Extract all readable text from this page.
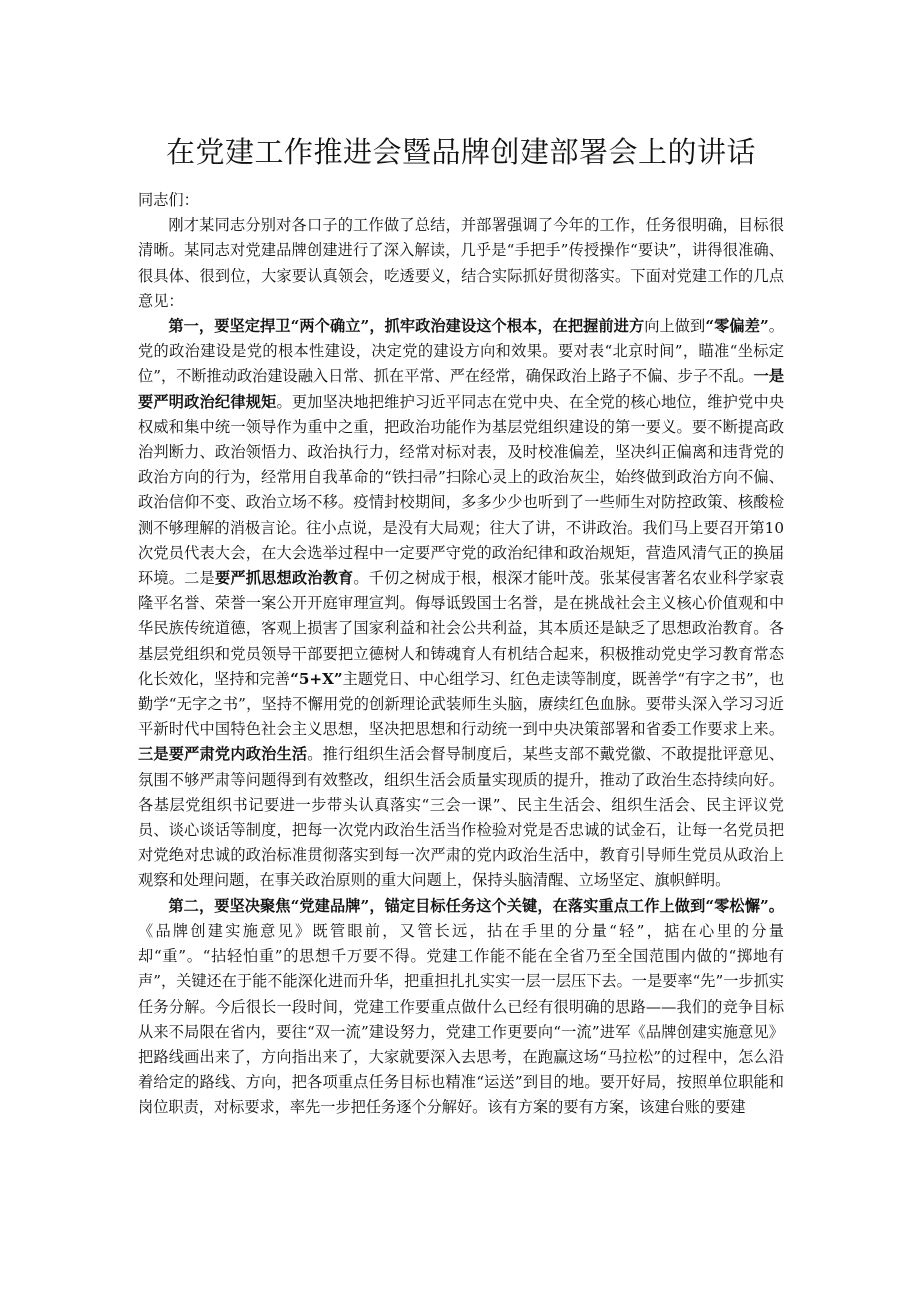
在党建工作推进会暨品牌创建部署会上的讲话

同志们：

刚才某同志分别对各口子的工作做了总结，并部署强调了今年的工作，任务很明确，目标很清晰。某同志对党建品牌创建进行了深入解读，几乎是“手把手”传授操作“要诀”，讲得很准确、很具体、很到位，大家要认真领会，吃透要义，结合实际抓好贯彻落实。下面对党建工作的几点意见：

第一，要坚定捍卫“两个确立”，抓牢政治建设这个根本，在把握前进方向上做到“零偏差”。党的政治建设是党的根本性建设，决定党的建设方向和效果。要对表“北京时间”，瞄准“坐标定位”，不断推动政治建设融入日常、抓在平常、严在经常，确保政治上路子不偏、步子不乱。一是要严明政治纪律规矩。更加坚决地把维护习近平同志在党中央、在全党的核心地位，维护党中央权威和集中统一领导作为重中之重，把政治功能作为基层党组织建设的第一要义。要不断提高政治判断力、政治领悟力、政治执行力，经常对标对表，及时校准偏差，坚决纠正偏离和违背党的政治方向的行为，经常用自我革命的“铁扫帚”扫除心灵上的政治灰尘，始终做到政治方向不偏、政治信仰不变、政治立场不移。疫情封校期间，多多少少也听到了一些师生对防控政策、核酸检测不够理解的消极言论。往小点说，是没有大局观；往大了讲，不讲政治。我们马上要召开第10次党员代表大会，在大会选举过程中一定要严守党的政治纪律和政治规矩，营造风清气正的换届环境。二是要严抓思想政治教育。千仞之树成于根，根深才能叶茂。张某侵害著名农业科学家袁隆平名誉、荣誉一案公开开庭审理宣判。侮辱诋毁国士名誉，是在挑战社会主义核心价值观和中华民族传统道德，客观上损害了国家利益和社会公共利益，其本质还是缺乏了思想政治教育。各基层党组织和党员领导干部要把立德树人和铸魂育人有机结合起来，积极推动党史学习教育常态化长效化，坚持和完善“5+X”主题党日、中心组学习、红色走读等制度，既善学“有字之书”，也勤学“无字之书”，坚持不懈用党的创新理论武装师生头脑，赓续红色血脉。要带头深入学习习近平新时代中国特色社会主义思想，坚决把思想和行动统一到中央决策部署和省委工作要求上来。三是要严肃党内政治生活。推行组织生活会督导制度后，某些支部不戴党徽、不敢提批评意见、氛围不够严肃等问题得到有效整改，组织生活会质量实现质的提升，推动了政治生态持续向好。各基层党组织书记要进一步带头认真落实“三会一课”、民主生活会、组织生活会、民主评议党员、谈心谈话等制度，把每一次党内政治生活当作检验对党是否忠诚的试金石，让每一名党员把对党绝对忠诚的政治标准贯彻落实到每一次严肃的党内政治生活中，教育引导师生党员从政治上观察和处理问题，在事关政治原则的重大问题上，保持头脑清醒、立场坚定、旗帜鲜明。

第二，要坚决聚焦“党建品牌”，锚定目标任务这个关键，在落实重点工作上做到“零松懈”。《品牌创建实施意见》既管眼前，又管长远，拈在手里的分量“轻”，掂在心里的分量却“重”。“拈轻怕重”的思想千万要不得。党建工作能不能在全省乃至全国范围内做的“掷地有声”，关键还在于能不能深化进而升华，把重担扎扎实实一层一层压下去。一是要率“先”一步抓实任务分解。今后很长一段时间，党建工作要重点做什么已经有很明确的思路——我们的竞争目标从来不局限在省内，要往“双一流”建设努力，党建工作更要向“一流”进军《品牌创建实施意见》把路线画出来了，方向指出来了，大家就要深入去思考，在跑赢这场“马拉松”的过程中，怎么沿着给定的路线、方向，把各项重点任务目标也精准“运送”到目的地。要开好局，按照单位职能和岗位职责，对标要求，率先一步把任务逐个分解好。该有方案的要有方案，该建台账的要建
